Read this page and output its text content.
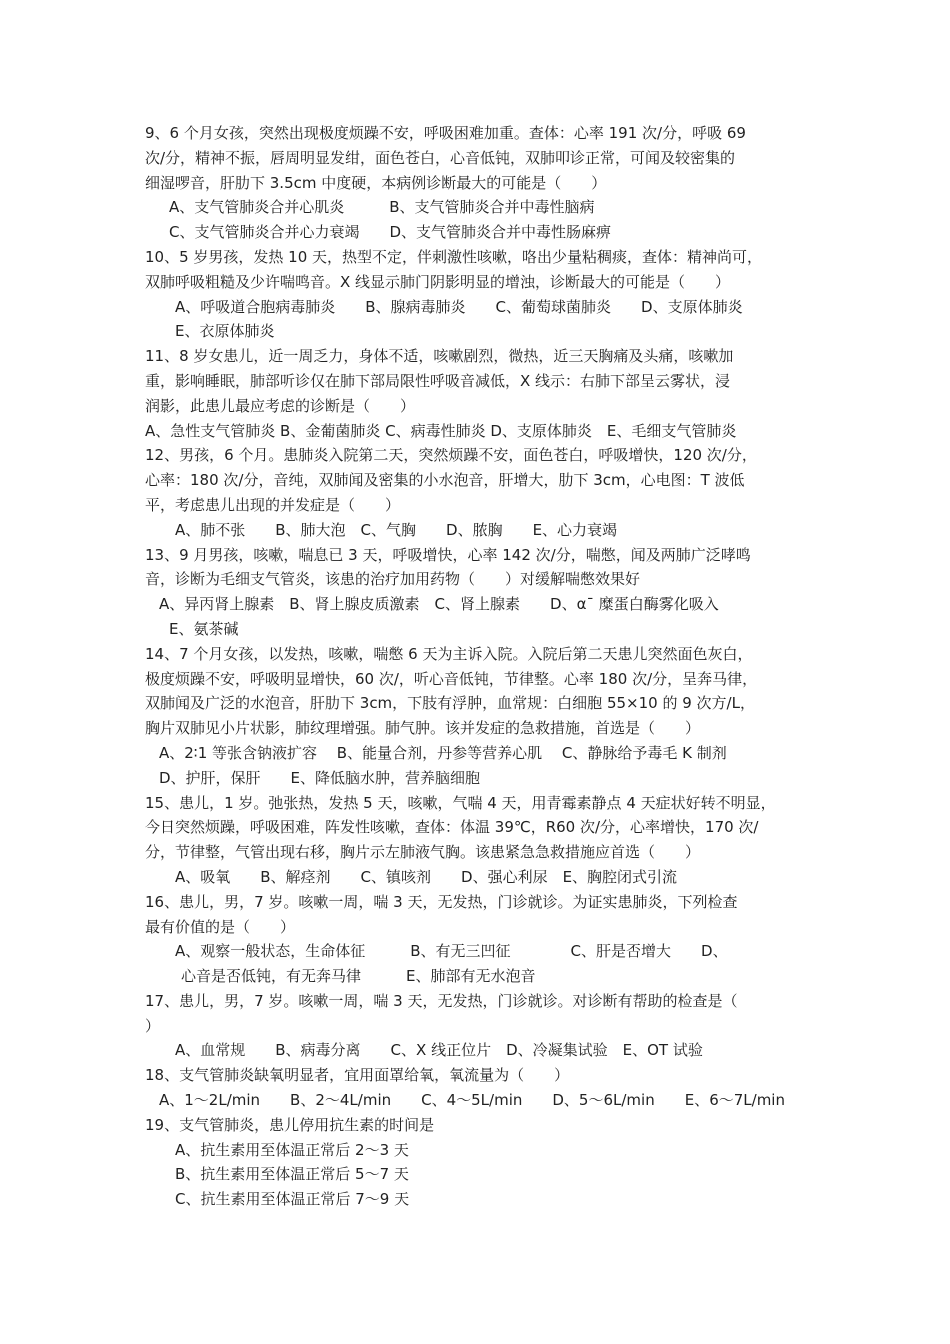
9、6 个月女孩，突然出现极度烦躁不安，呼吸困难加重。查体：心率 191 次/分，呼吸 69
次/分，精神不振，唇周明显发绀，面色苍白，心音低钝，双肺叩诊正常，可闻及较密集的
细湿啰音，肝肋下 3.5cm 中度硬，本病例诊断最大的可能是（　　）
A、支气管肺炎合并心肌炎　　　B、支气管肺炎合并中毒性脑病
C、支气管肺炎合并心力衰竭　　D、支气管肺炎合并中毒性肠麻痹
10、5 岁男孩，发热 10 天，热型不定，伴刺激性咳嗽，咯出少量粘稠痰，查体：精神尚可，
双肺呼吸粗糙及少许喘鸣音。X 线显示肺门阴影明显的增浊，诊断最大的可能是（　　）
A、呼吸道合胞病毒肺炎　　B、腺病毒肺炎　　C、葡萄球菌肺炎　　D、支原体肺炎
E、衣原体肺炎
11、8 岁女患儿，近一周乏力，身体不适，咳嗽剧烈，微热，近三天胸痛及头痛，咳嗽加
重，影响睡眠，肺部听诊仅在肺下部局限性呼吸音减低，X 线示：右肺下部呈云雾状，浸
润影，此患儿最应考虑的诊断是（　　）
A、急性支气管肺炎 B、金葡菌肺炎 C、病毒性肺炎 D、支原体肺炎　E、毛细支气管肺炎
12、男孩，6 个月。患肺炎入院第二天，突然烦躁不安，面色苍白，呼吸增快，120 次/分，
心率：180 次/分，音纯，双肺闻及密集的小水泡音，肝增大，肋下 3cm，心电图：T 波低
平，考虑患儿出现的并发症是（　　）
A、肺不张　　B、肺大泡　C、气胸　　D、脓胸　　E、心力衰竭
13、9 月男孩，咳嗽，喘息已 3 天，呼吸增快，心率 142 次/分，喘憋，闻及两肺广泛哮鸣
音，诊断为毛细支气管炎，该患的治疗加用药物（　　）对缓解喘憋效果好
A、异丙肾上腺素　B、肾上腺皮质激素　C、肾上腺素　　D、α¯ 糜蛋白酶雾化吸入
E、氨茶碱
14、7 个月女孩，以发热，咳嗽，喘憋 6 天为主诉入院。入院后第二天患儿突然面色灰白，
极度烦躁不安，呼吸明显增快，60 次/，听心音低钝，节律整。心率 180 次/分，呈奔马律，
双肺闻及广泛的水泡音，肝肋下 3cm，下肢有浮肿，血常规：白细胞 55×10 的 9 次方/L，
胸片双肺见小片状影，肺纹理增强。肺气肿。该并发症的急救措施，首选是（　　）
A、2∶1 等张含钠液扩容　 B、能量合剂，丹参等营养心肌　 C、静脉给予毒毛 K 制剂
D、护肝，保肝　　E、降低脑水肿，营养脑细胞
15、患儿，1 岁。弛张热，发热 5 天，咳嗽，气喘 4 天，用青霉素静点 4 天症状好转不明显，
今日突然烦躁，呼吸困难，阵发性咳嗽，查体：体温 39℃，R60 次/分，心率增快，170 次/
分，节律整，气管出现右移，胸片示左肺液气胸。该患紧急急救措施应首选（　　）
A、吸氧　　B、解痉剂　　C、镇咳剂　　D、强心利尿　E、胸腔闭式引流
16、患儿，男，7 岁。咳嗽一周，喘 3 天，无发热，门诊就诊。为证实患肺炎，下列检查
最有价值的是（　　）
A、观察一般状态，生命体征　　　B、有无三凹征　　　　C、肝是否增大　　D、
心音是否低钝，有无奔马律　　　E、肺部有无水泡音
17、患儿，男，7 岁。咳嗽一周，喘 3 天，无发热，门诊就诊。对诊断有帮助的检查是（
）
A、血常规　　B、病毒分离　　C、X 线正位片　D、冷凝集试验　E、OT 试验
18、支气管肺炎缺氧明显者，宜用面罩给氧，氧流量为（　　）
A、1～2L/min　　B、2～4L/min　　C、4～5L/min　　D、5～6L/min　　E、6～7L/min
19、支气管肺炎，患儿停用抗生素的时间是
A、抗生素用至体温正常后 2～3 天
B、抗生素用至体温正常后 5～7 天
C、抗生素用至体温正常后 7～9 天
